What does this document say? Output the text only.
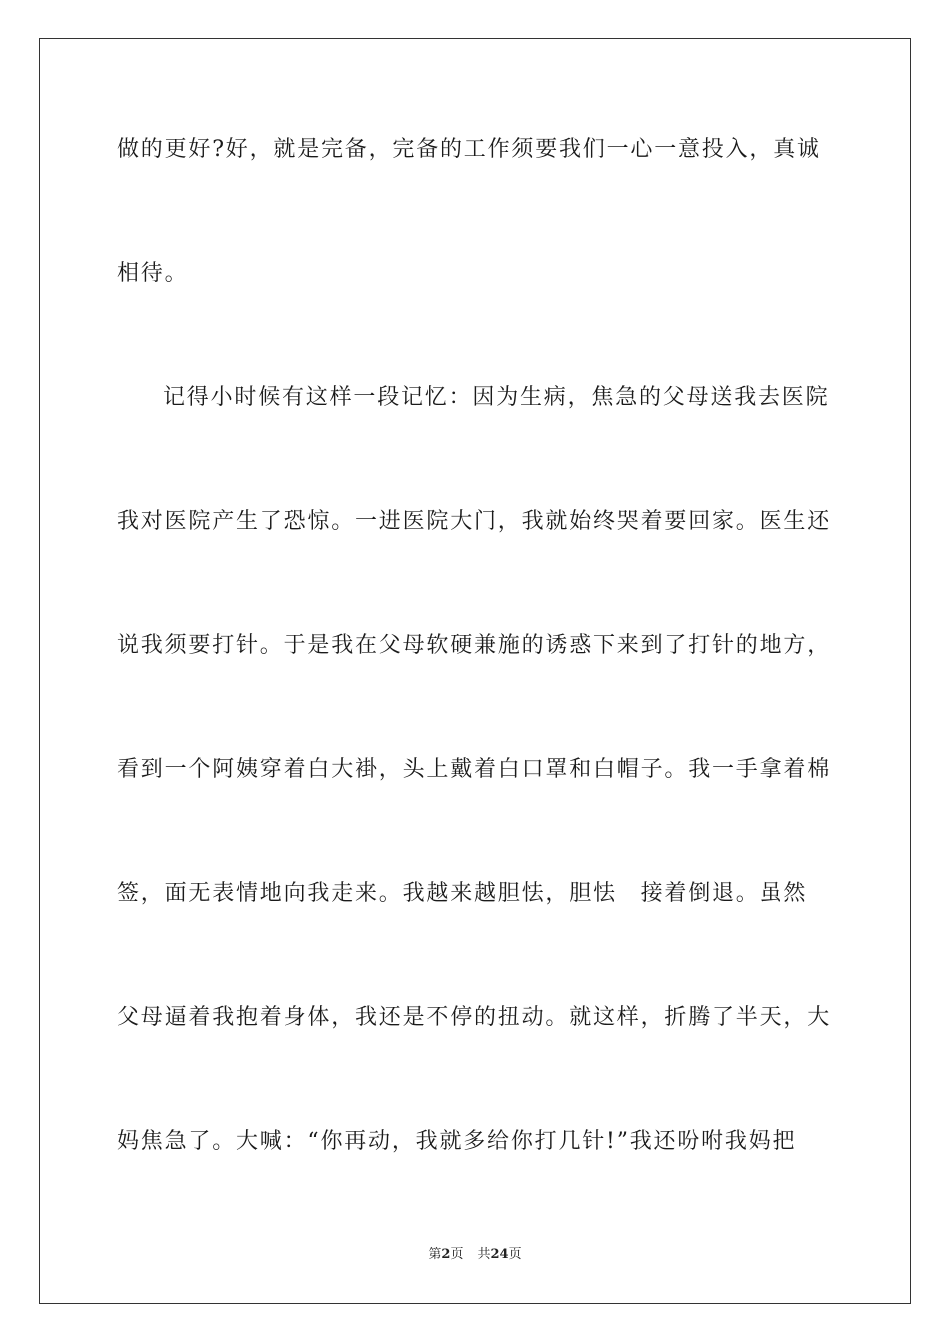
做的更好?好，就是完备，完备的工作须要我们一心一意投入，真诚
相待。
记得小时候有这样一段记忆：因为生病，焦急的父母送我去医院
我对医院产生了恐惊。一进医院大门，我就始终哭着要回家。医生还
说我须要打针。于是我在父母软硬兼施的诱惑下来到了打针的地方，
看到一个阿姨穿着白大褂，头上戴着白口罩和白帽子。我一手拿着棉
签，面无表情地向我走来。我越来越胆怯，胆怯　接着倒退。虽然
父母逼着我抱着身体，我还是不停的扭动。就这样，折腾了半天，大
妈焦急了。大喊：“你再动，我就多给你打几针!”我还吩咐我妈把
第2页 共24页
